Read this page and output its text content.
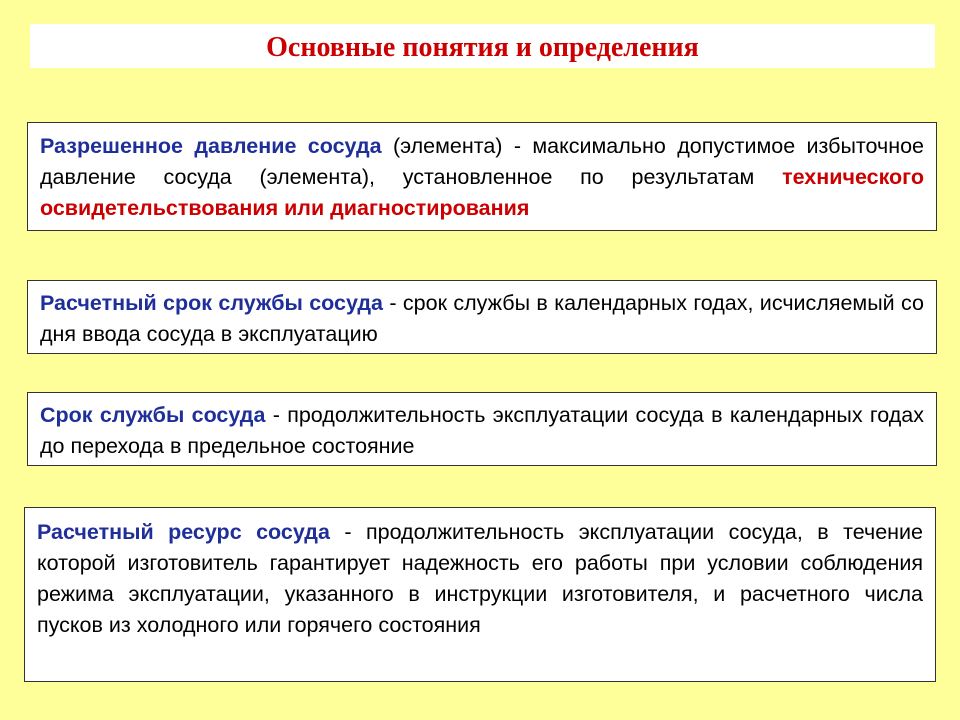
Основные понятия и определения
Разрешенное давление сосуда (элемента) - максимально допустимое избыточное давление сосуда (элемента), установленное по результатам технического освидетельствования или диагностирования
Расчетный срок службы сосуда - срок службы в календарных годах, исчисляемый со дня ввода сосуда в эксплуатацию
Срок службы сосуда - продолжительность эксплуатации сосуда в календарных годах до перехода в предельное состояние
Расчетный ресурс сосуда - продолжительность эксплуатации сосуда, в течение которой изготовитель гарантирует надежность его работы при условии соблюдения режима эксплуатации, указанного в инструкции изготовителя, и расчетного числа пусков из холодного или горячего состояния
